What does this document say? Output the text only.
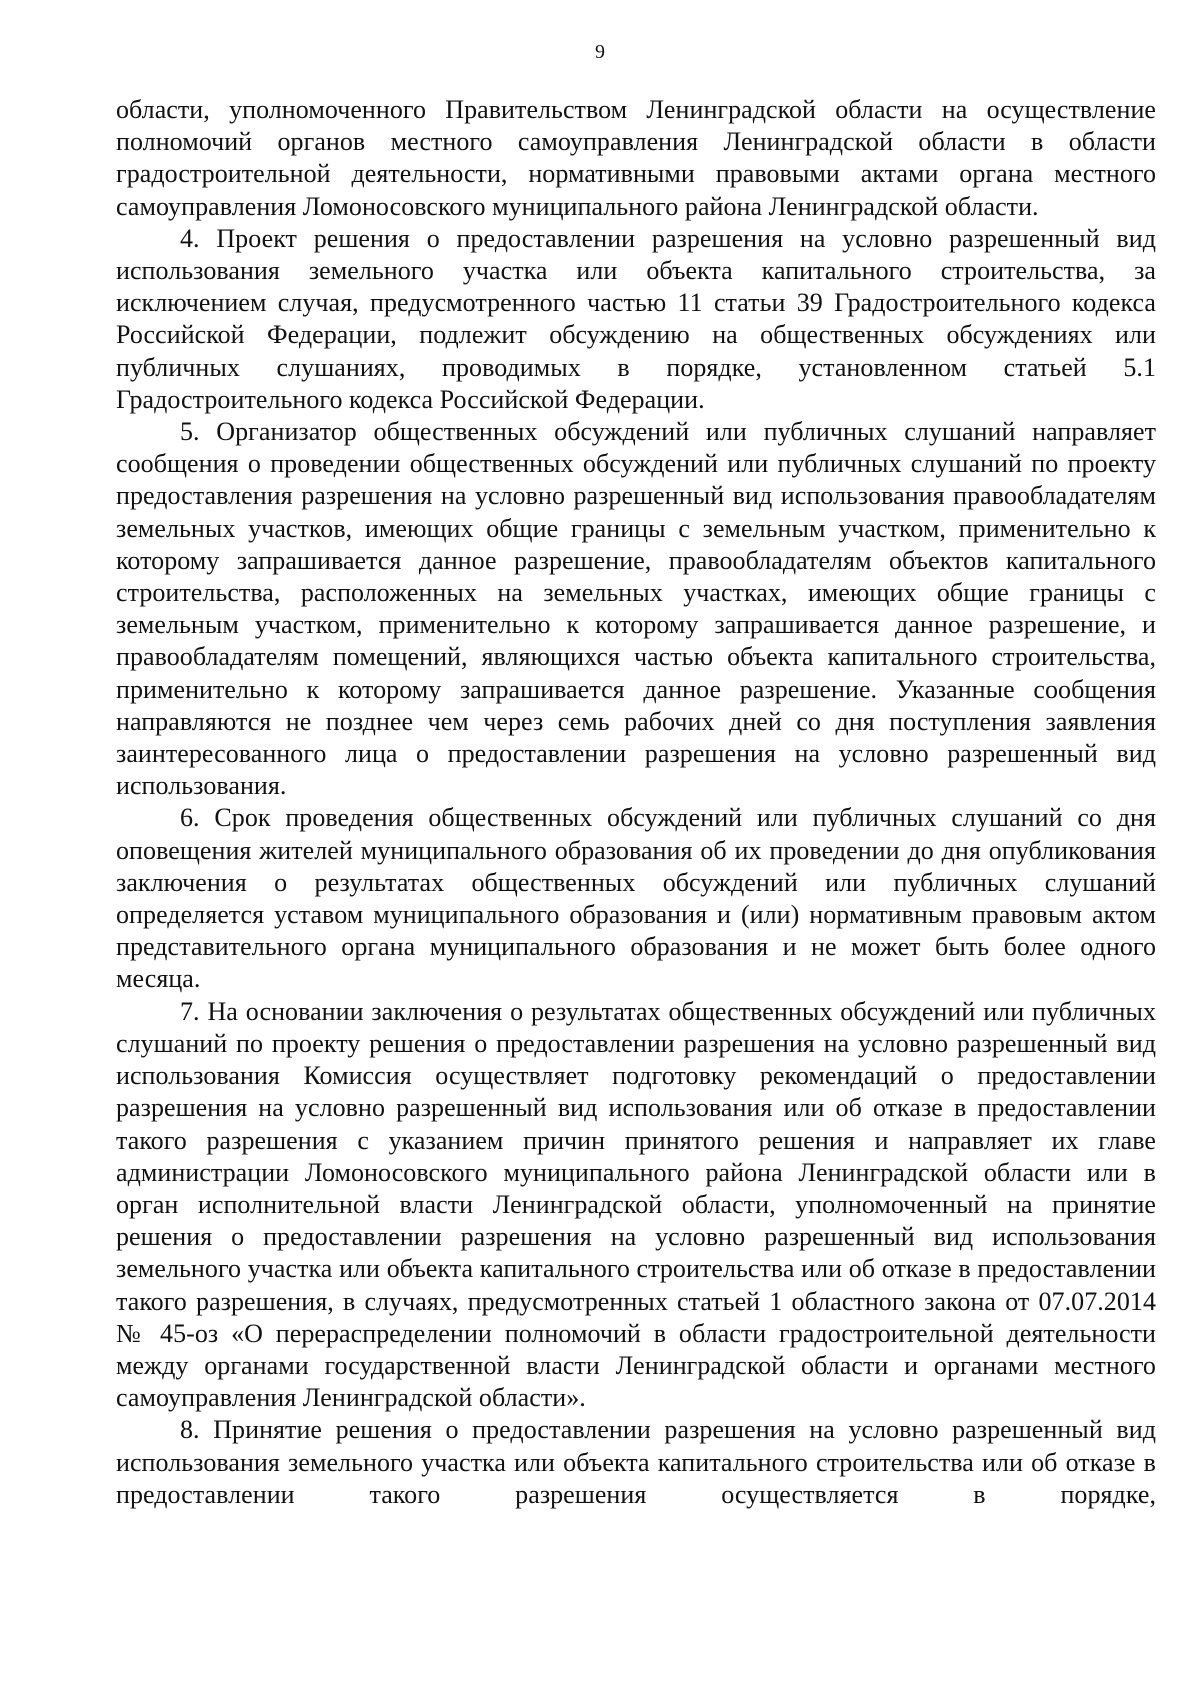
9

области, уполномоченного Правительством Ленинградской области на осуществление полномочий органов местного самоуправления Ленинградской области в области градостроительной деятельности, нормативными правовыми актами органа местного самоуправления Ломоносовского муниципального района Ленинградской области.

4. Проект решения о предоставлении разрешения на условно разрешенный вид использования земельного участка или объекта капитального строительства, за исключением случая, предусмотренного частью 11 статьи 39 Градостроительного кодекса Российской Федерации, подлежит обсуждению на общественных обсуждениях или публичных слушаниях, проводимых в порядке, установленном статьей 5.1 Градостроительного кодекса Российской Федерации.

5. Организатор общественных обсуждений или публичных слушаний направляет сообщения о проведении общественных обсуждений или публичных слушаний по проекту предоставления разрешения на условно разрешенный вид использования правообладателям земельных участков, имеющих общие границы с земельным участком, применительно к которому запрашивается данное разрешение, правообладателям объектов капитального строительства, расположенных на земельных участках, имеющих общие границы с земельным участком, применительно к которому запрашивается данное разрешение, и правообладателям помещений, являющихся частью объекта капитального строительства, применительно к которому запрашивается данное разрешение. Указанные сообщения направляются не позднее чем через семь рабочих дней со дня поступления заявления заинтересованного лица о предоставлении разрешения на условно разрешенный вид использования.

6. Срок проведения общественных обсуждений или публичных слушаний со дня оповещения жителей муниципального образования об их проведении до дня опубликования заключения о результатах общественных обсуждений или публичных слушаний определяется уставом муниципального образования и (или) нормативным правовым актом представительного органа муниципального образования и не может быть более одного месяца.

7. На основании заключения о результатах общественных обсуждений или публичных слушаний по проекту решения о предоставлении разрешения на условно разрешенный вид использования Комиссия осуществляет подготовку рекомендаций о предоставлении разрешения на условно разрешенный вид использования или об отказе в предоставлении такого разрешения с указанием причин принятого решения и направляет их главе администрации Ломоносовского муниципального района Ленинградской области или в орган исполнительной власти Ленинградской области, уполномоченный на принятие решения о предоставлении разрешения на условно разрешенный вид использования земельного участка или объекта капитального строительства или об отказе в предоставлении такого разрешения, в случаях, предусмотренных статьей 1 областного закона от 07.07.2014 № 45-оз «О перераспределении полномочий в области градостроительной деятельности между органами государственной власти Ленинградской области и органами местного самоуправления Ленинградской области».

8. Принятие решения о предоставлении разрешения на условно разрешенный вид использования земельного участка или объекта капитального строительства или об отказе в предоставлении такого разрешения осуществляется в порядке,
